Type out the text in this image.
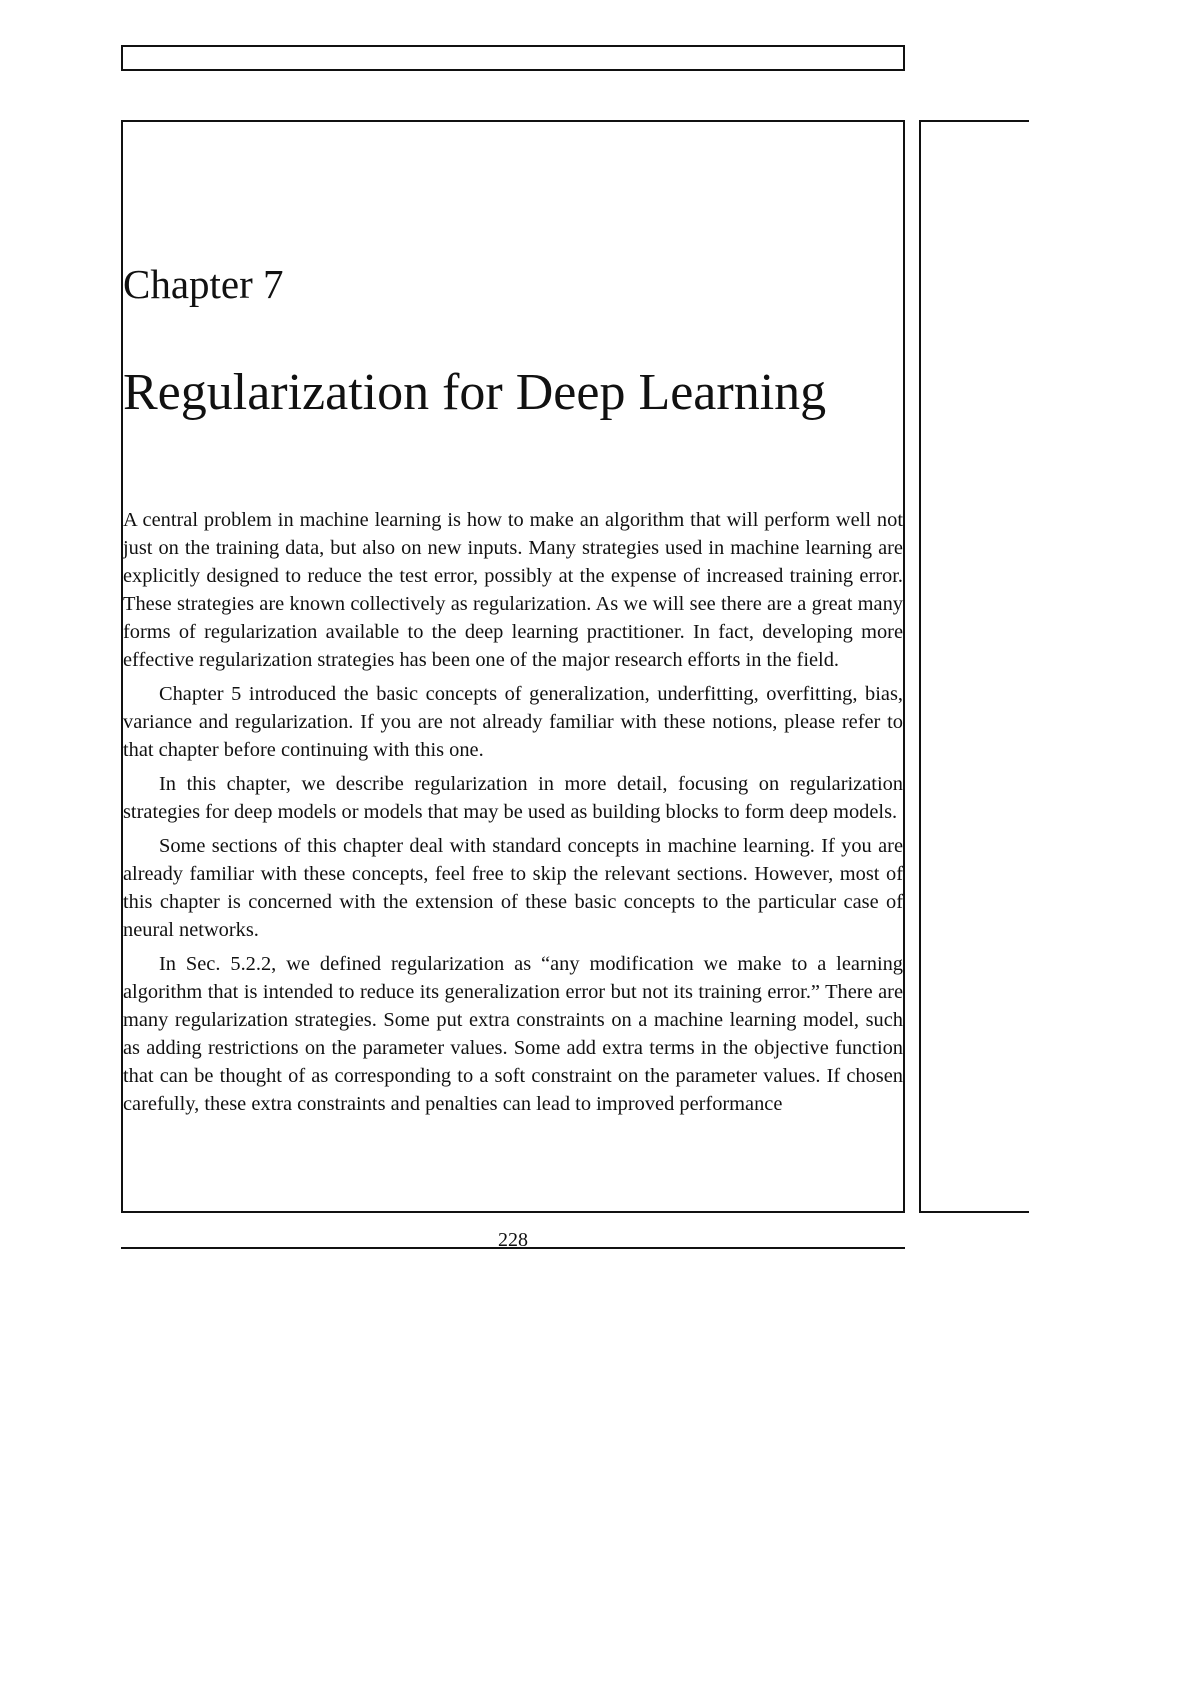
Chapter 7
Regularization for Deep Learning

A central problem in machine learning is how to make an algorithm that will perform well not just on the training data, but also on new inputs. Many strategies used in machine learning are explicitly designed to reduce the test error, possibly at the expense of increased training error. These strategies are known collectively as regularization. As we will see there are a great many forms of regularization available to the deep learning practitioner. In fact, developing more effective regularization strategies has been one of the major research efforts in the field.

Chapter 5 introduced the basic concepts of generalization, underfitting, overfitting, bias, variance and regularization. If you are not already familiar with these notions, please refer to that chapter before continuing with this one.

In this chapter, we describe regularization in more detail, focusing on regularization strategies for deep models or models that may be used as building blocks to form deep models.

Some sections of this chapter deal with standard concepts in machine learning. If you are already familiar with these concepts, feel free to skip the relevant sections. However, most of this chapter is concerned with the extension of these basic concepts to the particular case of neural networks.

In Sec. 5.2.2, we defined regularization as “any modification we make to a learning algorithm that is intended to reduce its generalization error but not its training error.” There are many regularization strategies. Some put extra constraints on a machine learning model, such as adding restrictions on the parameter values. Some add extra terms in the objective function that can be thought of as corresponding to a soft constraint on the parameter values. If chosen carefully, these extra constraints and penalties can lead to improved performance

228
